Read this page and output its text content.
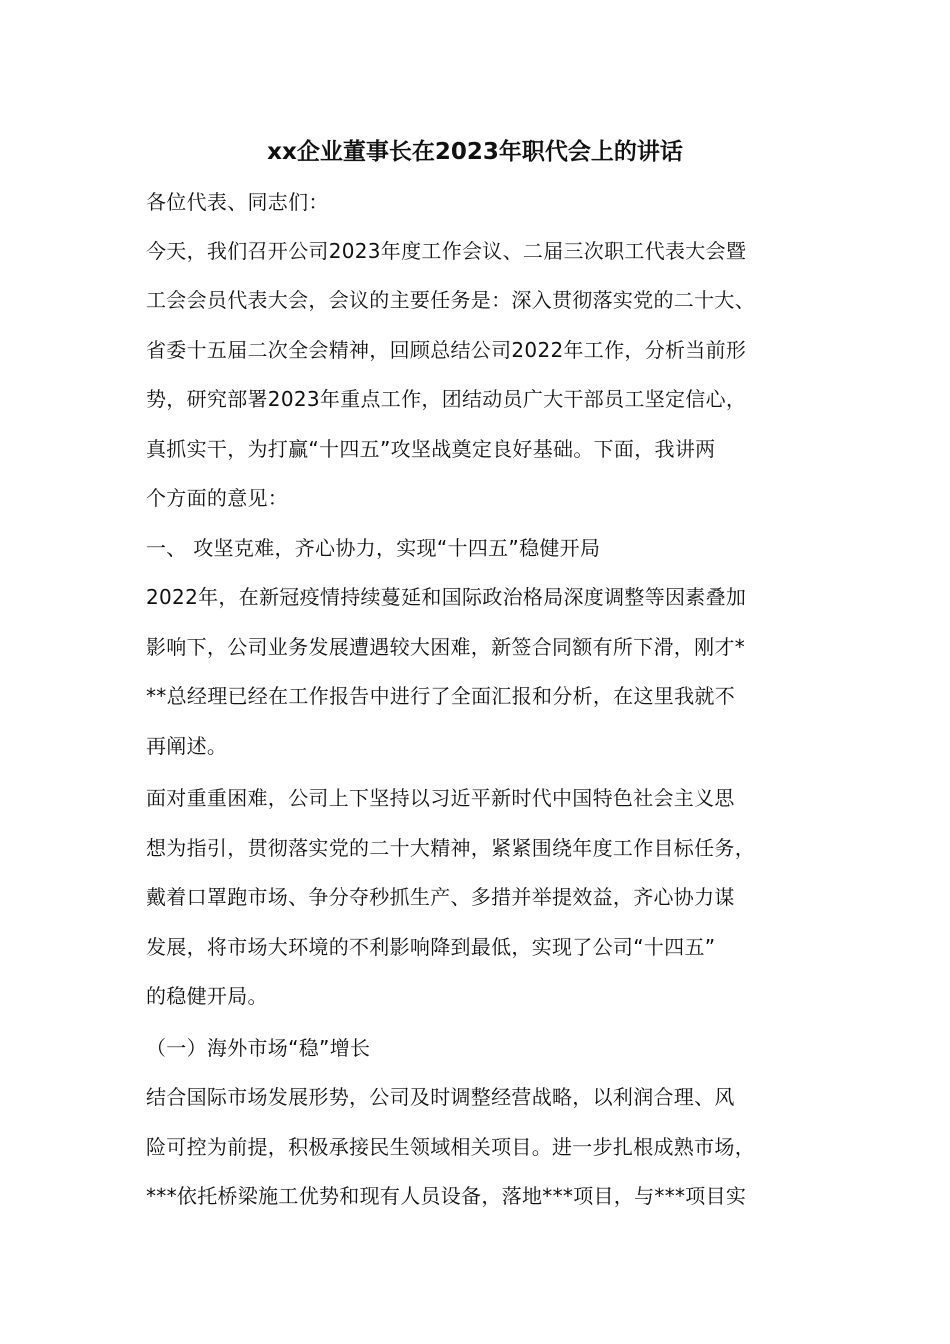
xx企业董事长在2023年职代会上的讲话
各位代表、同志们：
今天，我们召开公司2023年度工作会议、二届三次职工代表大会暨
工会会员代表大会，会议的主要任务是：深入贯彻落实党的二十大、
省委十五届二次全会精神，回顾总结公司2022年工作，分析当前形
势，研究部署2023年重点工作，团结动员广大干部员工坚定信心，
真抓实干，为打赢“十四五”攻坚战奠定良好基础。下面，我讲两
个方面的意见：
一、 攻坚克难，齐心协力，实现“十四五”稳健开局
2022年，在新冠疫情持续蔓延和国际政治格局深度调整等因素叠加
影响下，公司业务发展遭遇较大困难，新签合同额有所下滑，刚才*
**总经理已经在工作报告中进行了全面汇报和分析，在这里我就不
再阐述。
面对重重困难，公司上下坚持以习近平新时代中国特色社会主义思
想为指引，贯彻落实党的二十大精神，紧紧围绕年度工作目标任务，
戴着口罩跑市场、争分夺秒抓生产、多措并举提效益，齐心协力谋
发展，将市场大环境的不利影响降到最低，实现了公司“十四五”
的稳健开局。
（一）海外市场“稳”增长
结合国际市场发展形势，公司及时调整经营战略，以利润合理、风
险可控为前提，积极承接民生领域相关项目。进一步扎根成熟市场，
***依托桥梁施工优势和现有人员设备，落地***项目，与***项目实
